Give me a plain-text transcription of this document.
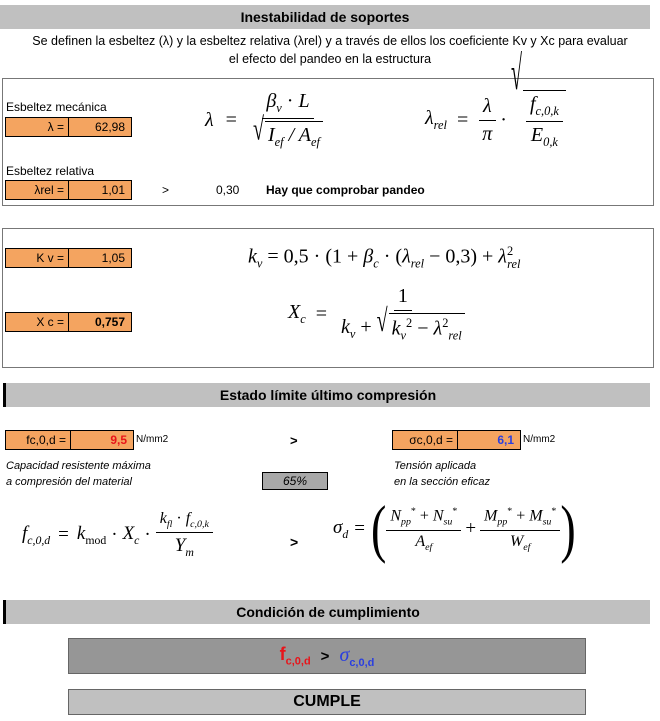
Inestabilidad de soportes
Se definen la esbeltez (λ) y la esbeltez relativa (λrel) y a través de ellos los coeficiente Kv y Xc para evaluar
el efecto del pandeo en la estructura
Esbeltez mecánica
λ =	62,98	$\lambda = \frac{\beta_v \cdot L}{√ I_{ef} / A_{ef}}$	$\lambda_{rel} = \frac{\lambda}{\pi}$ ·
√
$\frac{f_{c,0,k}}{E_{0,k}}$
Esbeltez relativa
λrel =	1,01	>	0,30 Hay que comprobar pandeo
K v =	1,05	$k_v = 0,5 \cdot (1 + \beta_c \cdot (\lambda_{rel} - 0,3) + \lambda^2_{rel}$
X c =	0,757	$X_c = \frac{1}{k_v + √ k_v^2 - \lambda^2_{rel}}$
Estado límite último compresión
fc,0,d =	9,5 N/mm2	>	σc,0,d =	6,1 N/mm2
Capacidad resistente máxima
a compresión del material	65%
Tensión aplicada
en la sección eficaz
$f_{c,0,d} = k_{mod} \cdot X_c \cdot \frac{k_{fl} \cdot f_{c,0,k}}{Y_m}$	>
$\sigma_d$ = ( $\frac{N_{pp}^* + N_{su}^*}{A_{ef}} + \frac{M_{pp}^* + M_{su}^*}{W_{ef}}$ )
Condición de cumplimiento
$f_{c,0,d} > \sigma_{c,0,d}$
CUMPLE
